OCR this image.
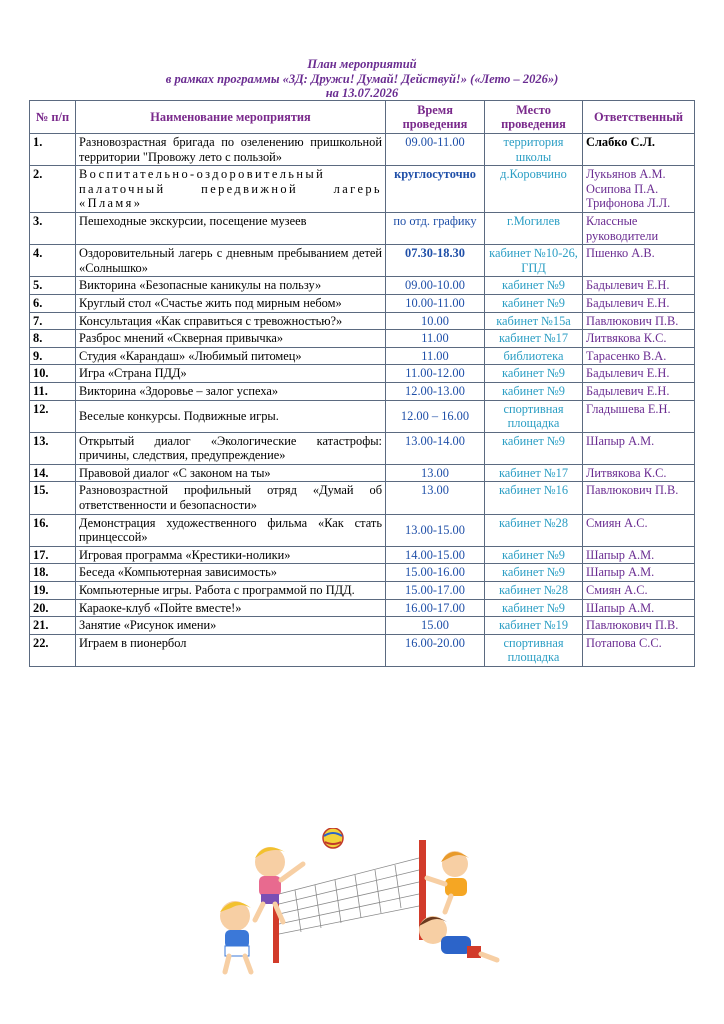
План мероприятий
в рамках программы «3Д: Дружи! Думай! Действуй!» («Лето – 2026»)
на 13.07.2026
№ п/п	Наименование мероприятия	Время проведения	Место проведения	Ответственный
1.	Разновозрастная бригада по озеленению пришкольной территории "Провожу лето с пользой»	09.00-11.00	территория школы	Слабко С.Л.
2.	Воспитательно-оздоровительный палаточный передвижной лагерь «Пламя»	круглосуточно	д.Коровчино	Лукьянов А.М. Осипова П.А. Трифонова Л.Л.
3.	Пешеходные экскурсии, посещение музеев	по отд. графику	г.Могилев	Классные руководители
4.	Оздоровительный лагерь с дневным пребыванием детей «Солнышко»	07.30-18.30	кабинет №10-26, ГПД	Пшенко А.В.
5.	Викторина «Безопасные каникулы на пользу»	09.00-10.00	кабинет №9	Бадылевич Е.Н.
6.	Круглый стол «Счастье жить под мирным небом»	10.00-11.00	кабинет №9	Бадылевич Е.Н.
7.	Консультация «Как справиться с тревожностью?»	10.00	кабинет №15а	Павлюкович П.В.
8.	Разброс мнений «Скверная привычка»	11.00	кабинет №17	Литвякова К.С.
9.	Студия «Карандаш» «Любимый питомец»	11.00	библиотека	Тарасенко В.А.
10.	Игра «Страна ПДД»	11.00-12.00	кабинет №9	Бадылевич Е.Н.
11.	Викторина «Здоровье – залог успеха»	12.00-13.00	кабинет №9	Бадылевич Е.Н.
12.	Веселые конкурсы. Подвижные игры.	12.00 – 16.00	спортивная площадка	Гладышева Е.Н.
13.	Открытый диалог «Экологические катастрофы: причины, следствия, предупреждение»	13.00-14.00	кабинет №9	Шапыр А.М.
14.	Правовой диалог «С законом на ты»	13.00	кабинет №17	Литвякова К.С.
15.	Разновозрастной профильный отряд «Думай об ответственности и безопасности»	13.00	кабинет №16	Павлюкович П.В.
16.	Демонстрация художественного фильма «Как стать принцессой»	13.00-15.00	кабинет №28	Смиян А.С.
17.	Игровая программа «Крестики-нолики»	14.00-15.00	кабинет №9	Шапыр А.М.
18.	Беседа «Компьютерная зависимость»	15.00-16.00	кабинет №9	Шапыр А.М.
19.	Компьютерные игры. Работа с программой по ПДД.	15.00-17.00	кабинет №28	Смиян А.С.
20.	Караоке-клуб «Пойте вместе!»	16.00-17.00	кабинет №9	Шапыр А.М.
21.	Занятие «Рисунок имени»	15.00	кабинет №19	Павлюкович П.В.
22.	Играем в пионербол	16.00-20.00	спортивная площадка	Потапова С.С.
